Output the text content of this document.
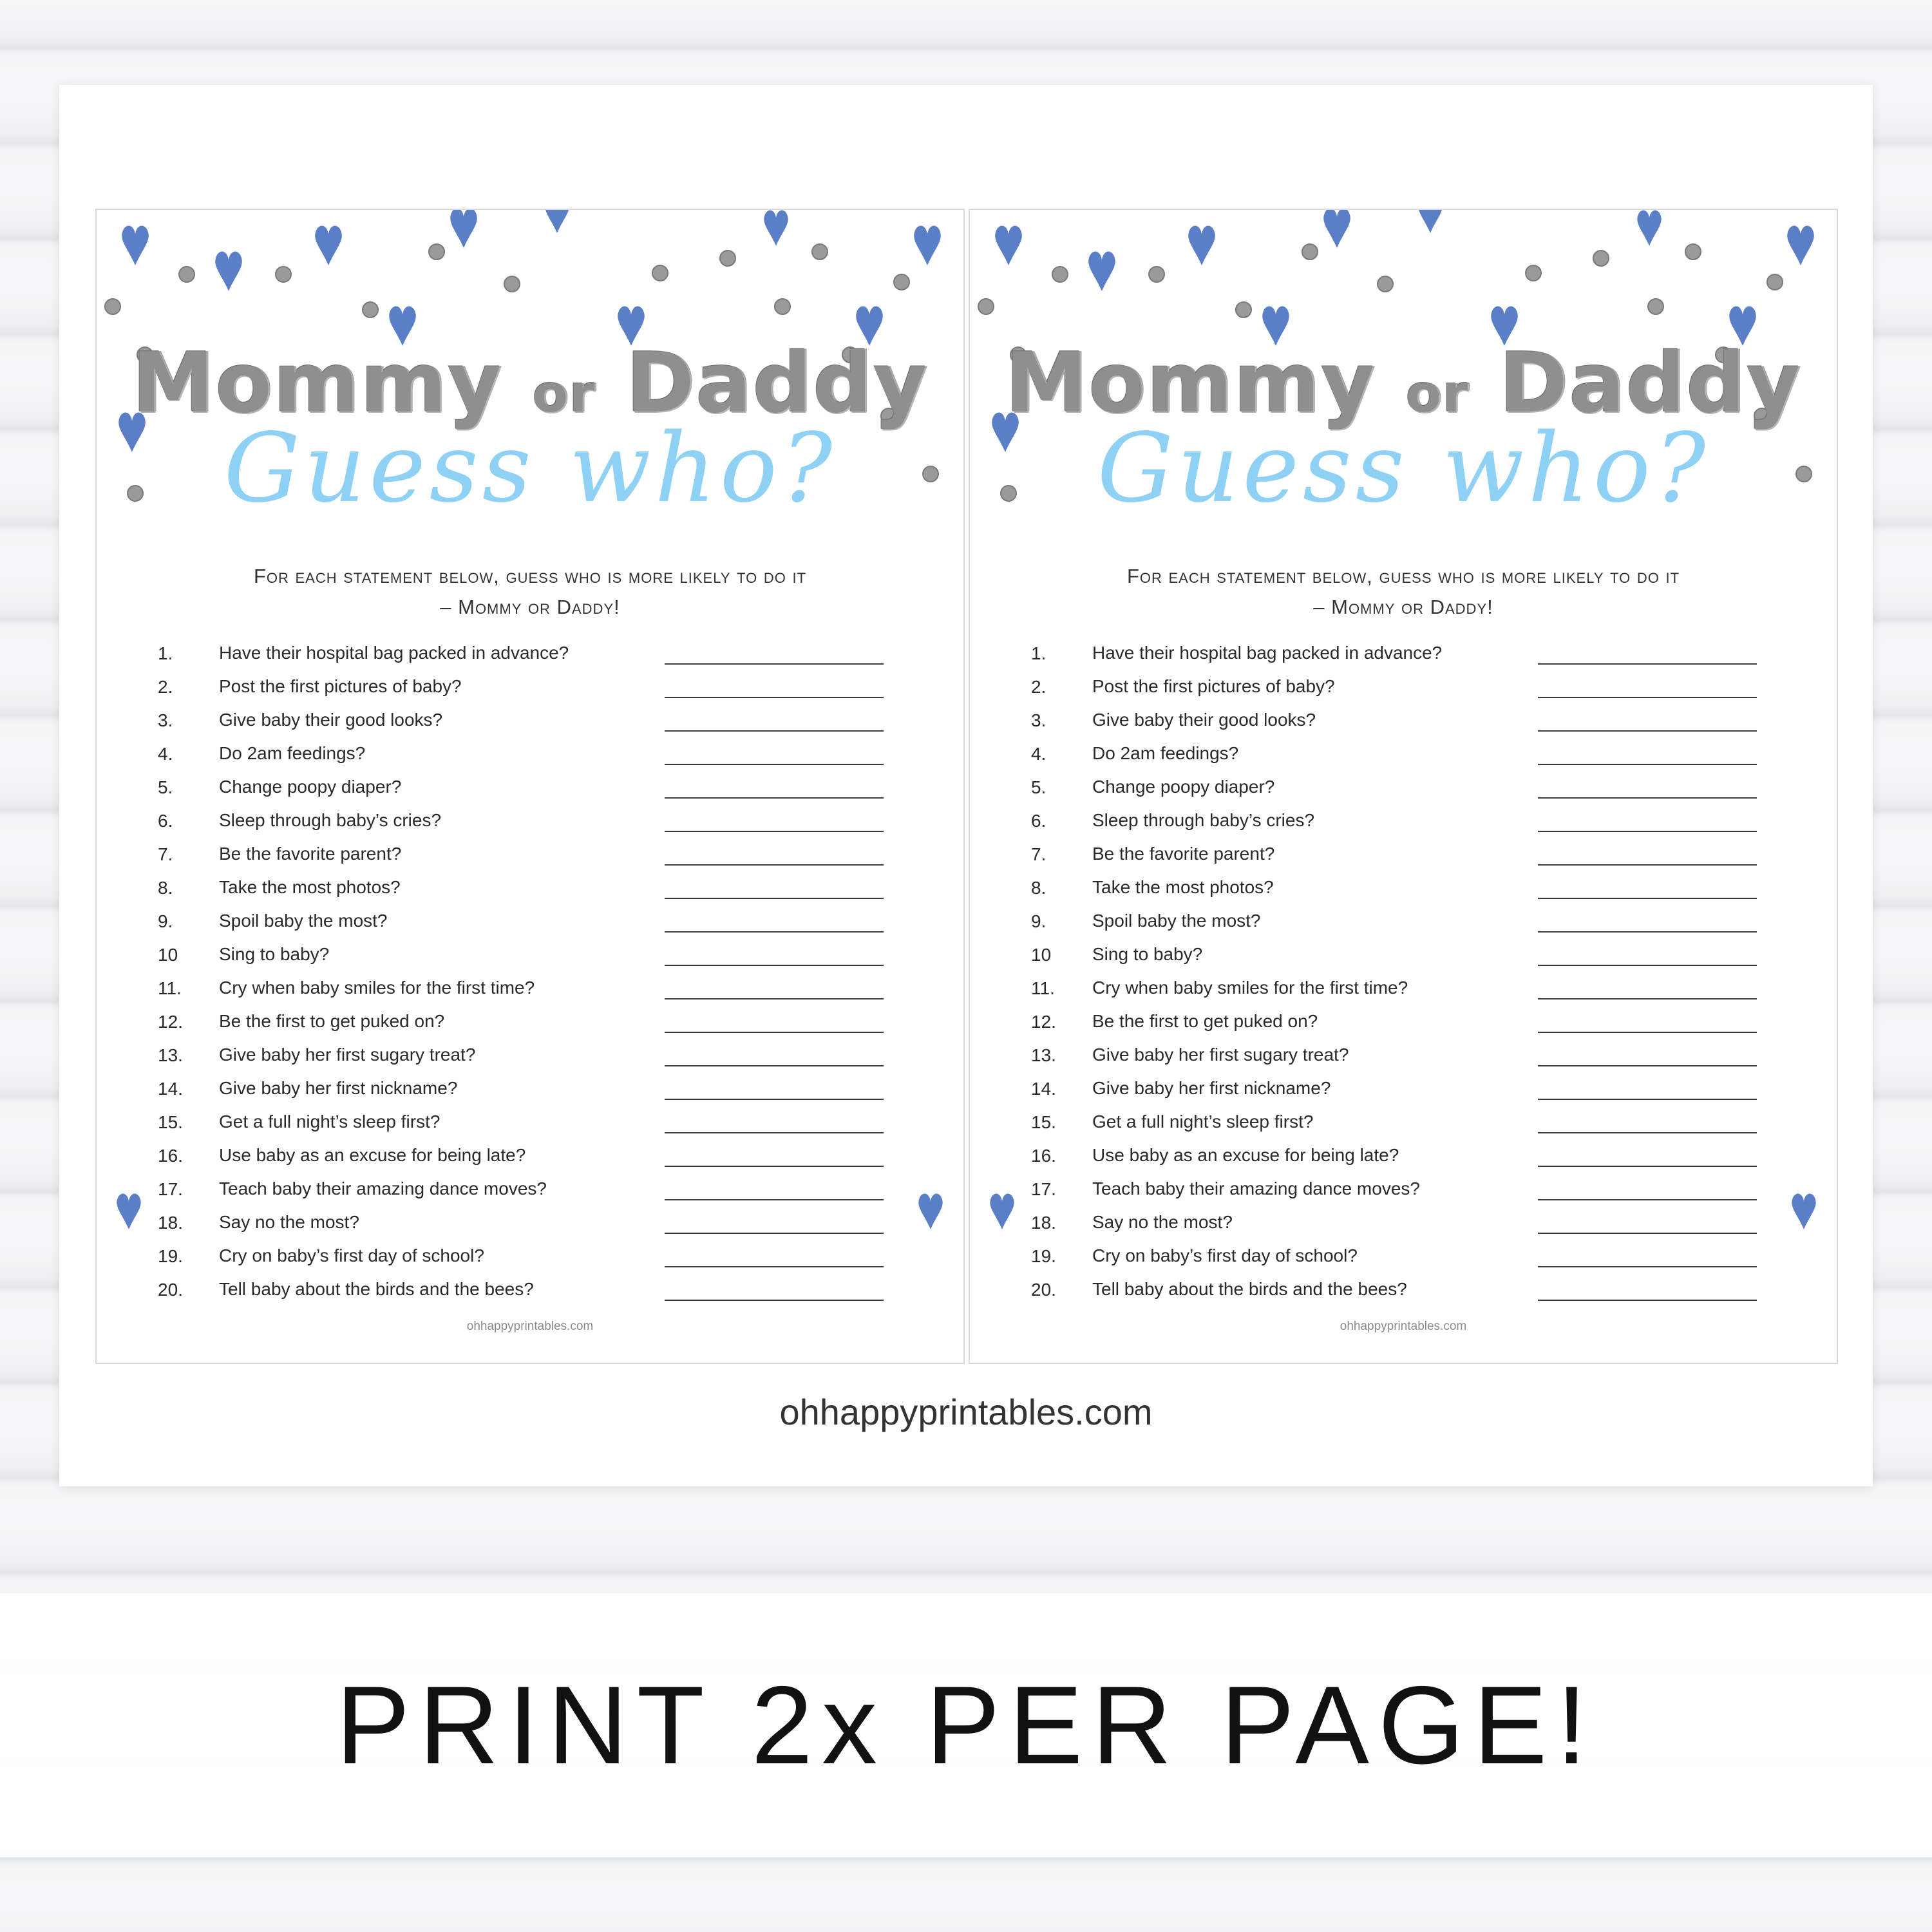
Mommy or Daddy
Guess who?
For each statement below, guess who is more likely to do it
– Mommy or Daddy!
1.	Have their hospital bag packed in advance?
2.	Post the first pictures of baby?
3.	Give baby their good looks?
4.	Do 2am feedings?
5.	Change poopy diaper?
6.	Sleep through baby’s cries?
7.	Be the favorite parent?
8.	Take the most photos?
9.	Spoil baby the most?
10	Sing to baby?
11.	Cry when baby smiles for the first time?
12.	Be the first to get puked on?
13.	Give baby her first sugary treat?
14.	Give baby her first nickname?
15.	Get a full night’s sleep first?
16.	Use baby as an excuse for being late?
17.	Teach baby their amazing dance moves?
18.	Say no the most?
19.	Cry on baby’s first day of school?
20.	Tell baby about the birds and the bees?
ohhappyprintables.com
Mommy or Daddy
Guess who?
For each statement below, guess who is more likely to do it
– Mommy or Daddy!
1.	Have their hospital bag packed in advance?
2.	Post the first pictures of baby?
3.	Give baby their good looks?
4.	Do 2am feedings?
5.	Change poopy diaper?
6.	Sleep through baby’s cries?
7.	Be the favorite parent?
8.	Take the most photos?
9.	Spoil baby the most?
10	Sing to baby?
11.	Cry when baby smiles for the first time?
12.	Be the first to get puked on?
13.	Give baby her first sugary treat?
14.	Give baby her first nickname?
15.	Get a full night’s sleep first?
16.	Use baby as an excuse for being late?
17.	Teach baby their amazing dance moves?
18.	Say no the most?
19.	Cry on baby’s first day of school?
20.	Tell baby about the birds and the bees?
ohhappyprintables.com
ohhappyprintables.com
PRINT 2x PER PAGE!
